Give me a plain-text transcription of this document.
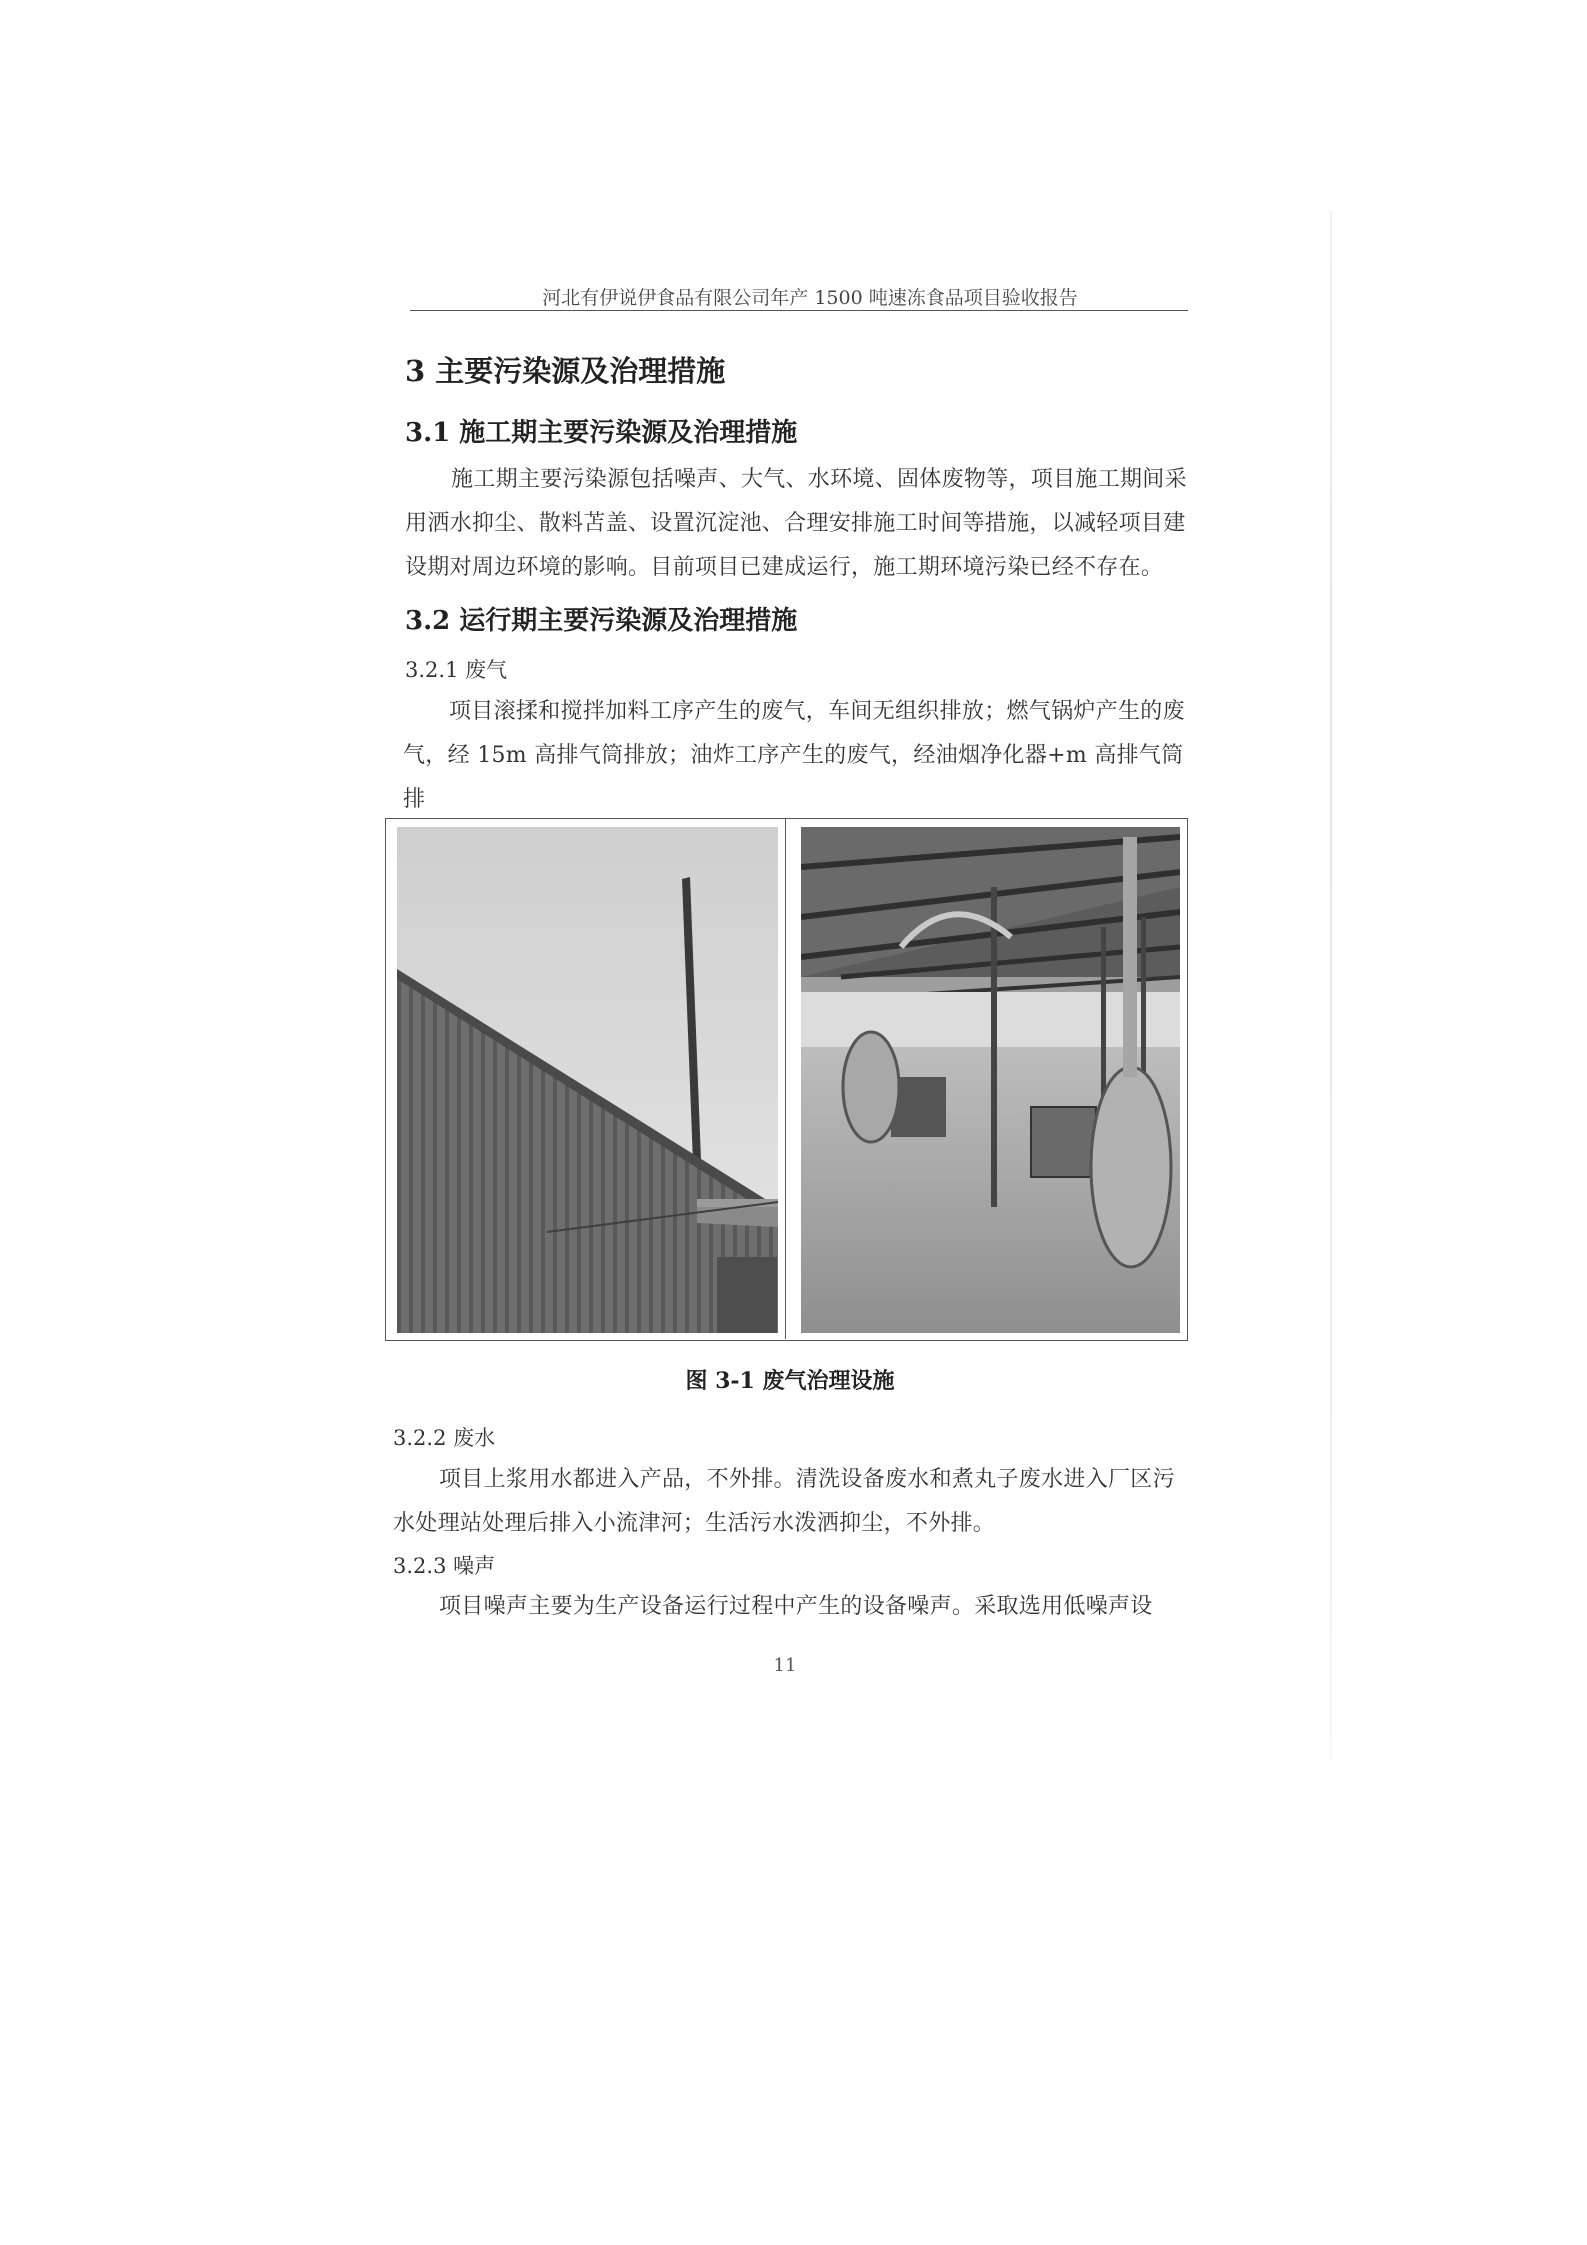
河北有伊说伊食品有限公司年产 1500 吨速冻食品项目验收报告
3 主要污染源及治理措施
3.1 施工期主要污染源及治理措施
施工期主要污染源包括噪声、大气、水环境、固体废物等，项目施工期间采
用洒水抑尘、散料苫盖、设置沉淀池、合理安排施工时间等措施，以减轻项目建
设期对周边环境的影响。目前项目已建成运行，施工期环境污染已经不存在。
3.2 运行期主要污染源及治理措施
3.2.1 废气
项目滚揉和搅拌加料工序产生的废气，车间无组织排放；燃气锅炉产生的废
气，经 15m 高排气筒排放；油炸工序产生的废气，经油烟净化器+m 高排气筒排
图 3-1 废气治理设施
3.2.2 废水
项目上浆用水都进入产品，不外排。清洗设备废水和煮丸子废水进入厂区污
水处理站处理后排入小流津河；生活污水泼洒抑尘，不外排。
3.2.3 噪声
项目噪声主要为生产设备运行过程中产生的设备噪声。采取选用低噪声设
11
